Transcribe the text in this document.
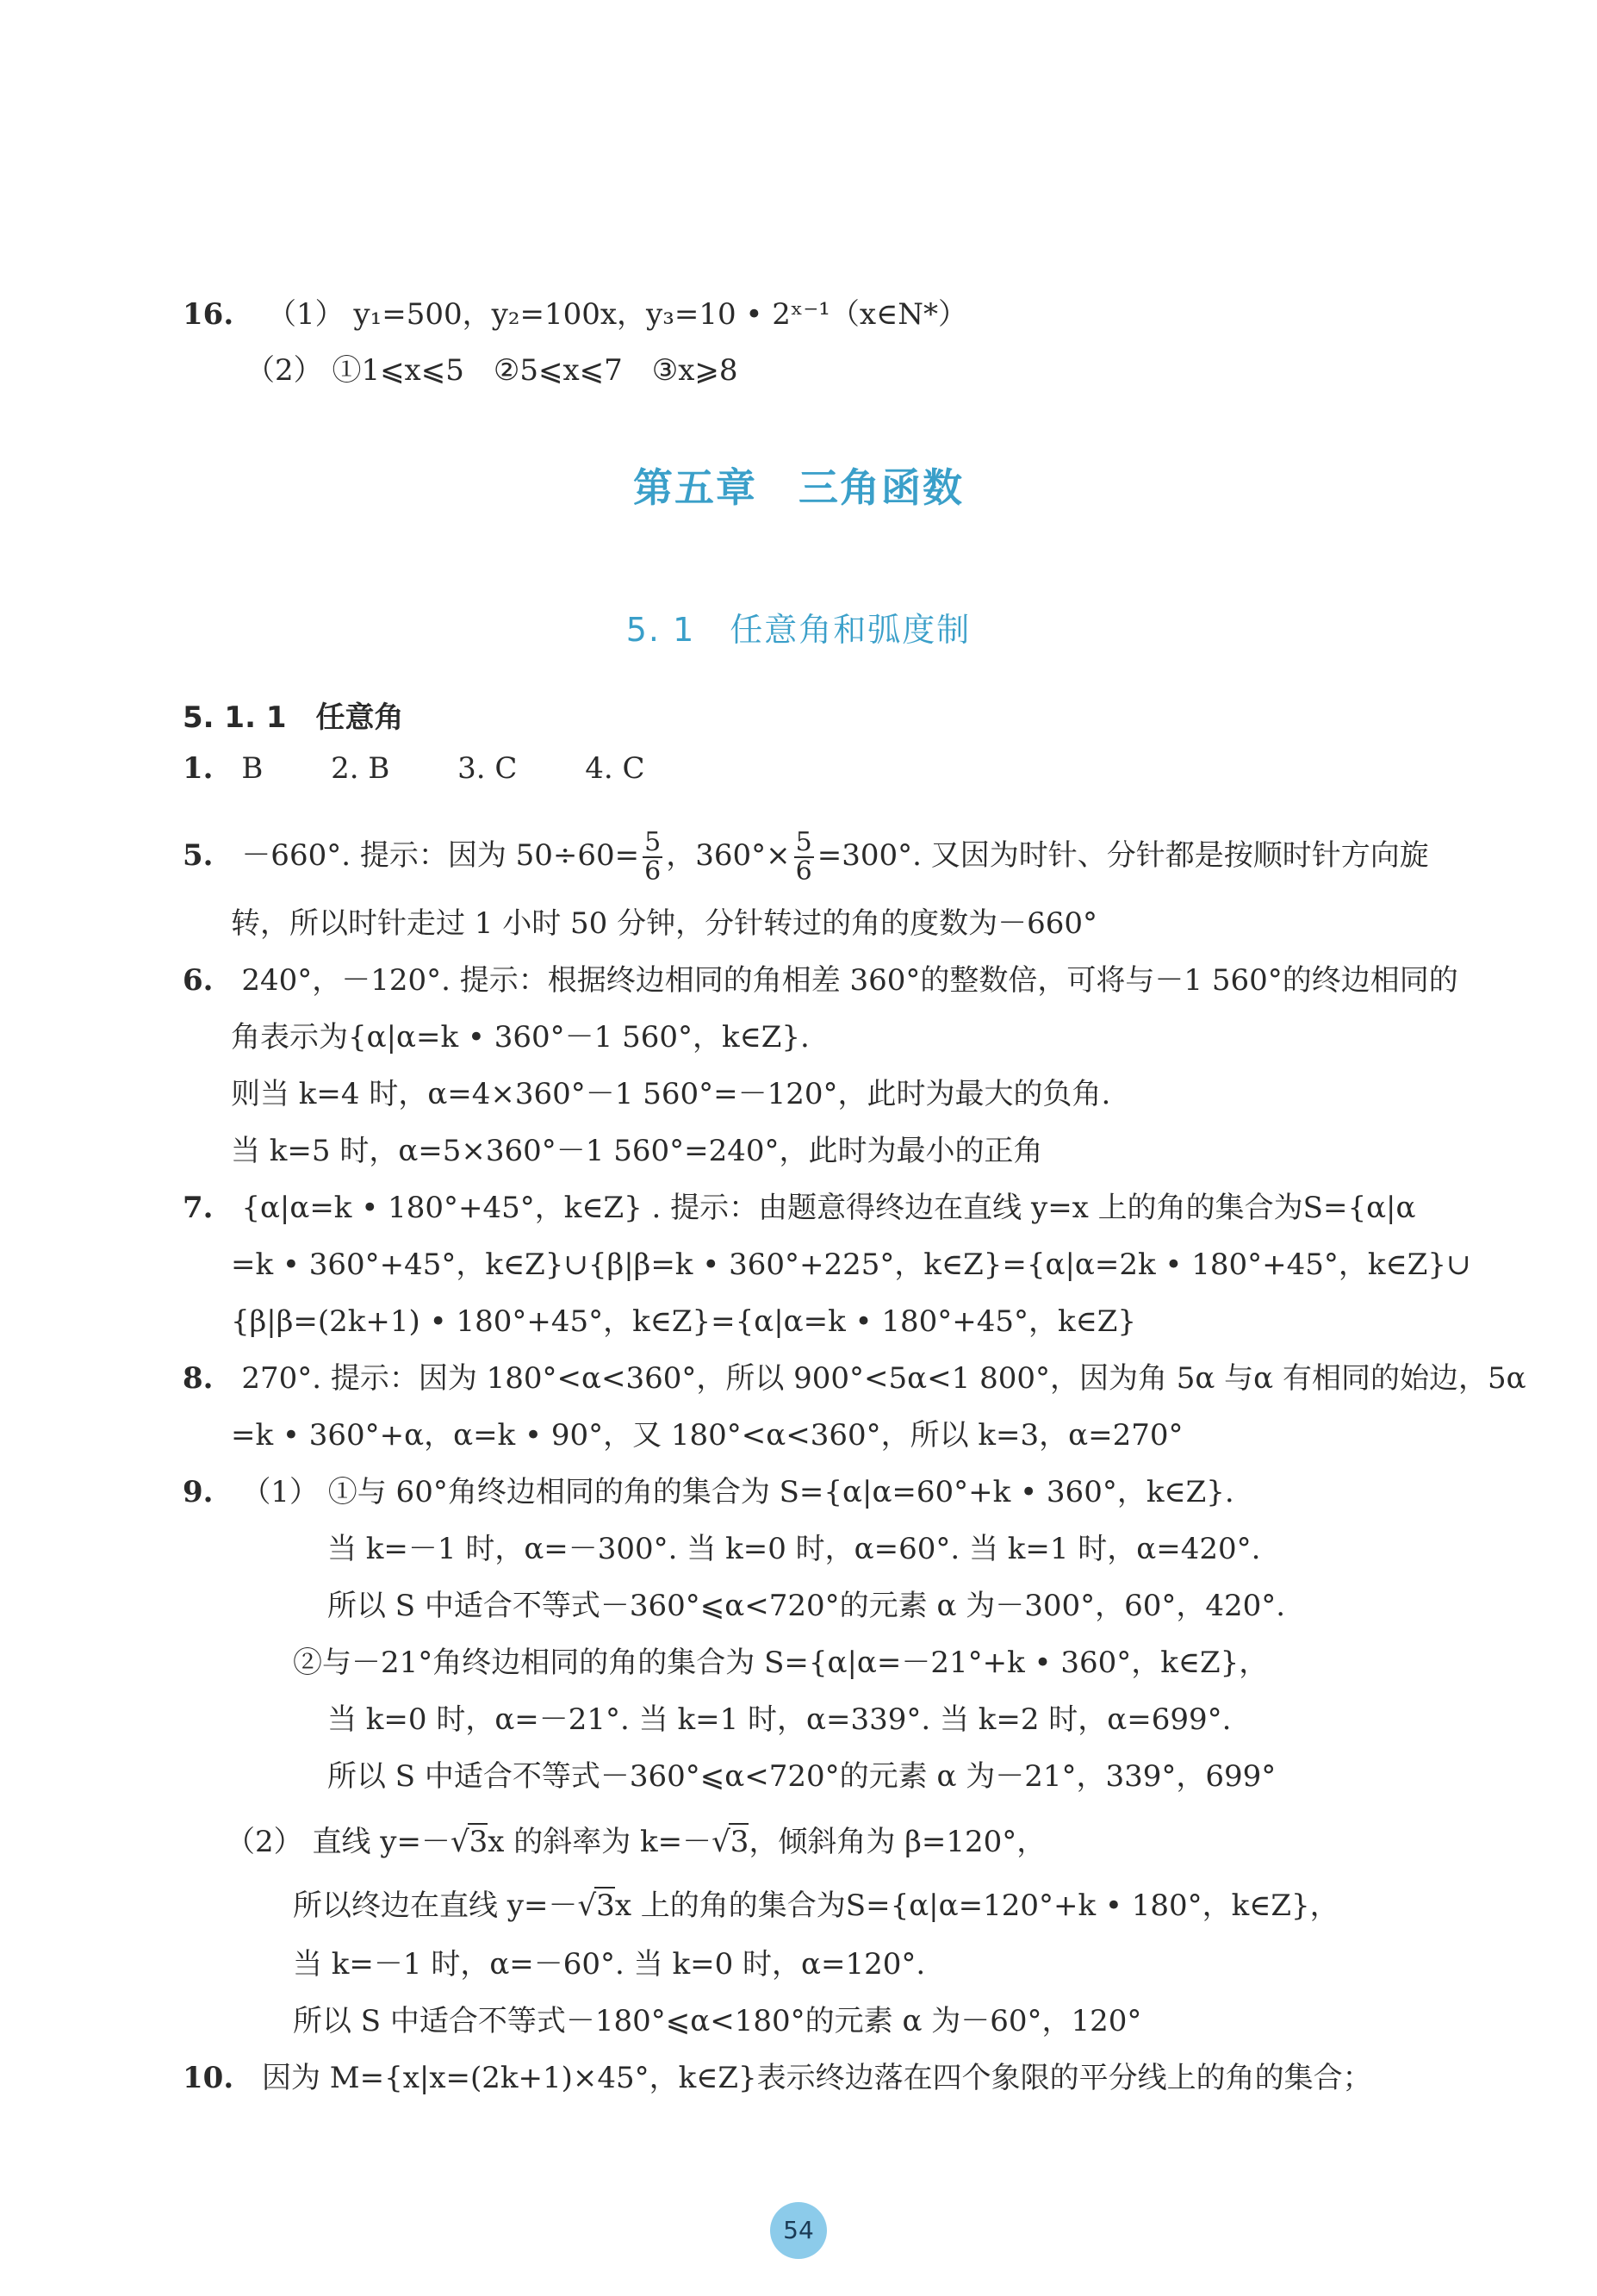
16. （1） y₁=500，y₂=100x，y₃=10 • 2ˣ⁻¹（x∈N*）
（2） ①1⩽x⩽5　②5⩽x⩽7　③x⩾8
第五章　三角函数
5. 1　任意角和弧度制
5. 1. 1　任意角
1. B　　 2. B　　 3. C　　 4. C
5. －660°. 提示：因为 $50\div 60= \frac{5}{6}$ ，$360^\circ\times \frac{5}{6} =300^\circ$. 又因为时针、分针都是按顺时针方向旋
转，所以时针走过 1 小时 50 分钟，分针转过的角的度数为－660°
6. 240°，－120°. 提示：根据终边相同的角相差 360°的整数倍，可将与－1 560°的终边相同的
角表示为{α|α=k • 360°－1 560°，k∈Z}.
则当 k=4 时，α=4×360°－1 560°=－120°，此时为最大的负角.
当 k=5 时，α=5×360°－1 560°=240°，此时为最小的正角
7. {α|α=k • 180°+45°，k∈Z} . 提示：由题意得终边在直线 y=x 上的角的集合为S={α|α
=k • 360°+45°，k∈Z}∪{β|β=k • 360°+225°，k∈Z}={α|α=2k • 180°+45°，k∈Z}∪
{β|β=(2k+1) • 180°+45°，k∈Z}={α|α=k • 180°+45°，k∈Z}
8. 270°. 提示：因为 180°<α<360°，所以 900°<5α<1 800°，因为角 5α 与α 有相同的始边，5α
=k • 360°+α，α=k • 90°，又 180°<α<360°，所以 k=3，α=270°
9. （1） ①与 60°角终边相同的角的集合为 S={α|α=60°+k • 360°，k∈Z}.
当 k=－1 时，α=－300°. 当 k=0 时，α=60°. 当 k=1 时，α=420°.
所以 S 中适合不等式－360°⩽α<720°的元素 α 为－300°，60°，420°.
②与－21°角终边相同的角的集合为 S={α|α=－21°+k • 360°，k∈Z}，
当 k=0 时，α=－21°. 当 k=1 时，α=339°. 当 k=2 时，α=699°.
所以 S 中适合不等式－360°⩽α<720°的元素 α 为－21°，339°，699°
（2） 直线 y=－√3x 的斜率为 k=－√3，倾斜角为 β=120°，
所以终边在直线 y=－√3x 上的角的集合为S={α|α=120°+k • 180°，k∈Z}，
当 k=－1 时，α=－60°. 当 k=0 时，α=120°.
所以 S 中适合不等式－180°⩽α<180°的元素 α 为－60°，120°
10. 因为 M={x|x=(2k+1)×45°，k∈Z}表示终边落在四个象限的平分线上的角的集合；
54
